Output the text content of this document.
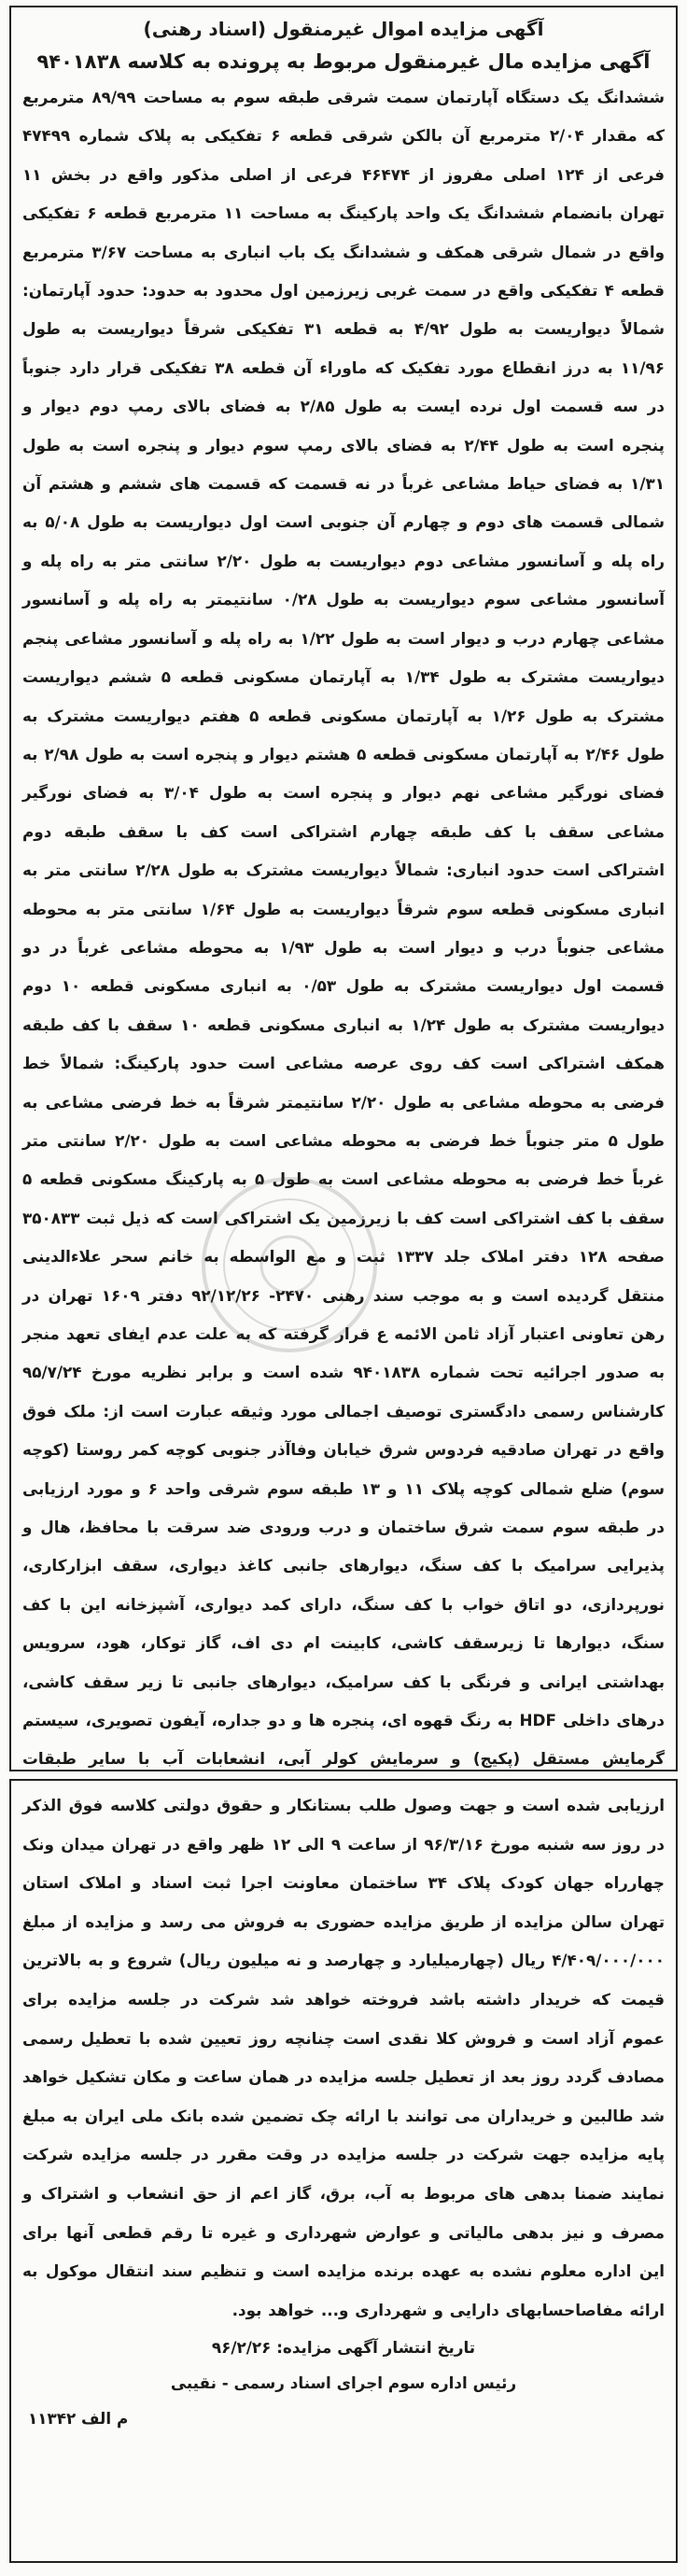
آگهی مزایده اموال غیرمنقول (اسناد رهنی)
آگهی مزایده مال غیرمنقول مربوط به پرونده به کلاسه ۹۴۰۱۸۳۸

ششدانگ یک دستگاه آپارتمان سمت شرقی طبقه سوم به مساحت ۸۹/۹۹ مترمربع که مقدار ۲/۰۴ مترمربع آن بالکن شرقی قطعه ۶ تفکیکی به پلاک شماره ۴۷۴۹۹ فرعی از ۱۲۴ اصلی مفروز از ۴۶۴۷۴ فرعی از اصلی مذکور واقع در بخش ۱۱ تهران بانضمام ششدانگ یک واحد پارکینگ به مساحت ۱۱ مترمربع قطعه ۶ تفکیکی واقع در شمال شرقی همکف و ششدانگ یک باب انباری به مساحت ۳/۶۷ مترمربع قطعه ۴ تفکیکی واقع در سمت غربی زیرزمین اول محدود به حدود: حدود آپارتمان: شمالاً دیواریست به طول ۴/۹۲ به قطعه ۳۱ تفکیکی شرقاً دیواریست به طول ۱۱/۹۶ به درز انقطاع مورد تفکیک که ماوراء آن قطعه ۳۸ تفکیکی قرار دارد جنوباً در سه قسمت اول نرده ایست به طول ۲/۸۵ به فضای بالای رمپ دوم دیوار و پنجره است به طول ۲/۴۴ به فضای بالای رمپ سوم دیوار و پنجره است به طول ۱/۳۱ به فضای حیاط مشاعی غرباً در نه قسمت که قسمت های ششم و هشتم آن شمالی قسمت های دوم و چهارم آن جنوبی است اول دیواریست به طول ۵/۰۸ به راه پله و آسانسور مشاعی دوم دیواریست به طول ۲/۲۰ سانتی متر به راه پله و آسانسور مشاعی سوم دیواریست به طول ۰/۲۸ سانتیمتر به راه پله و آسانسور مشاعی چهارم درب و دیوار است به طول ۱/۲۲ به راه پله و آسانسور مشاعی پنجم دیواریست مشترک به طول ۱/۳۴ به آپارتمان مسکونی قطعه ۵ ششم دیواریست مشترک به طول ۱/۲۶ به آپارتمان مسکونی قطعه ۵ هفتم دیواریست مشترک به طول ۲/۴۶ به آپارتمان مسکونی قطعه ۵ هشتم دیوار و پنجره است به طول ۲/۹۸ به فضای نورگیر مشاعی نهم دیوار و پنجره است به طول ۳/۰۴ به فضای نورگیر مشاعی سقف با کف طبقه چهارم اشتراکی است کف با سقف طبقه دوم اشتراکی است حدود انباری: شمالاً دیواریست مشترک به طول ۲/۲۸ سانتی متر به انباری مسکونی قطعه سوم شرقاً دیواریست به طول ۱/۶۴ سانتی متر به محوطه مشاعی جنوباً درب و دیوار است به طول ۱/۹۳ به محوطه مشاعی غرباً در دو قسمت اول دیواریست مشترک به طول ۰/۵۳ به انباری مسکونی قطعه ۱۰ دوم دیواریست مشترک به طول ۱/۲۴ به انباری مسکونی قطعه ۱۰ سقف با کف طبقه همکف اشتراکی است کف روی عرصه مشاعی است حدود پارکینگ: شمالاً خط فرضی به محوطه مشاعی به طول ۲/۲۰ سانتیمتر شرقاً به خط فرضی مشاعی به طول ۵ متر جنوباً خط فرضی به محوطه مشاعی است به طول ۲/۲۰ سانتی متر غرباً خط فرضی به محوطه مشاعی است به طول ۵ به پارکینگ مسکونی قطعه ۵ سقف با کف اشتراکی است کف با زیرزمین یک اشتراکی است که ذیل ثبت ۳۵۰۸۳۳ صفحه ۱۲۸ دفتر املاک جلد ۱۳۳۷ ثبت و مع الواسطه به خانم سحر علاءالدینی منتقل گردیده است و به موجب سند رهنی ۲۴۷۰- ۹۲/۱۲/۲۶ دفتر ۱۶۰۹ تهران در رهن تعاونی اعتبار آزاد ثامن الائمه ع قرار گرفته که به علت عدم ایفای تعهد منجر به صدور اجرائیه تحت شماره ۹۴۰۱۸۳۸ شده است و برابر نظریه مورخ ۹۵/۷/۲۴ کارشناس رسمی دادگستری توصیف اجمالی مورد وثیقه عبارت است از: ملک فوق واقع در تهران صادقیه فردوس شرق خیابان وفاآذر جنوبی کوچه کمر روستا (کوچه سوم) ضلع شمالی کوچه پلاک ۱۱ و ۱۳ طبقه سوم شرقی واحد ۶ و مورد ارزیابی در طبقه سوم سمت شرق ساختمان و درب ورودی ضد سرقت با محافظ، هال و پذیرایی سرامیک با کف سنگ، دیوارهای جانبی کاغذ دیواری، سقف ابزارکاری، نورپردازی، دو اتاق خواب با کف سنگ، دارای کمد دیواری، آشپزخانه این با کف سنگ، دیوارها تا زیرسقف کاشی، کابینت ام دی اف، گاز توکار، هود، سرویس بهداشتی ایرانی و فرنگی با کف سرامیک، دیوارهای جانبی تا زیر سقف کاشی، درهای داخلی HDF به رنگ قهوه ای، پنجره ها و دو جداره، آیفون تصویری، سیستم گرمایش مستقل (پکیج) و سرمایش کولر آبی، انشعابات آب با سایر طبقات

ارزیابی شده است و جهت وصول طلب بستانکار و حقوق دولتی کلاسه فوق الذکر در روز سه شنبه مورخ ۹۶/۳/۱۶ از ساعت ۹ الی ۱۲ ظهر واقع در تهران میدان ونک چهارراه جهان کودک پلاک ۳۴ ساختمان معاونت اجرا ثبت اسناد و املاک استان تهران سالن مزایده از طریق مزایده حضوری به فروش می رسد و مزایده از مبلغ ۴/۴۰۹/۰۰۰/۰۰۰ ریال (چهارمیلیارد و چهارصد و نه میلیون ریال) شروع و به بالاترین قیمت که خریدار داشته باشد فروخته خواهد شد شرکت در جلسه مزایده برای عموم آزاد است و فروش کلا نقدی است چنانچه روز تعیین شده با تعطیل رسمی مصادف گردد روز بعد از تعطیل جلسه مزایده در همان ساعت و مکان تشکیل خواهد شد طالبین و خریداران می توانند با ارائه چک تضمین شده بانک ملی ایران به مبلغ پایه مزایده جهت شرکت در جلسه مزایده در وقت مقرر در جلسه مزایده شرکت نمایند ضمنا بدهی های مربوط به آب، برق، گاز اعم از حق انشعاب و اشتراک و مصرف و نیز بدهی مالیاتی و عوارض شهرداری و غیره تا رقم قطعی آنها برای این اداره معلوم نشده به عهده برنده مزایده است و تنظیم سند انتقال موکول به ارائه مفاصاحسابهای دارایی و شهرداری و... خواهد بود.

تاریخ انتشار آگهی مزایده: ۹۶/۲/۲۶

رئیس اداره سوم اجرای اسناد رسمی - نقیبی

م الف ۱۱۳۴۲
